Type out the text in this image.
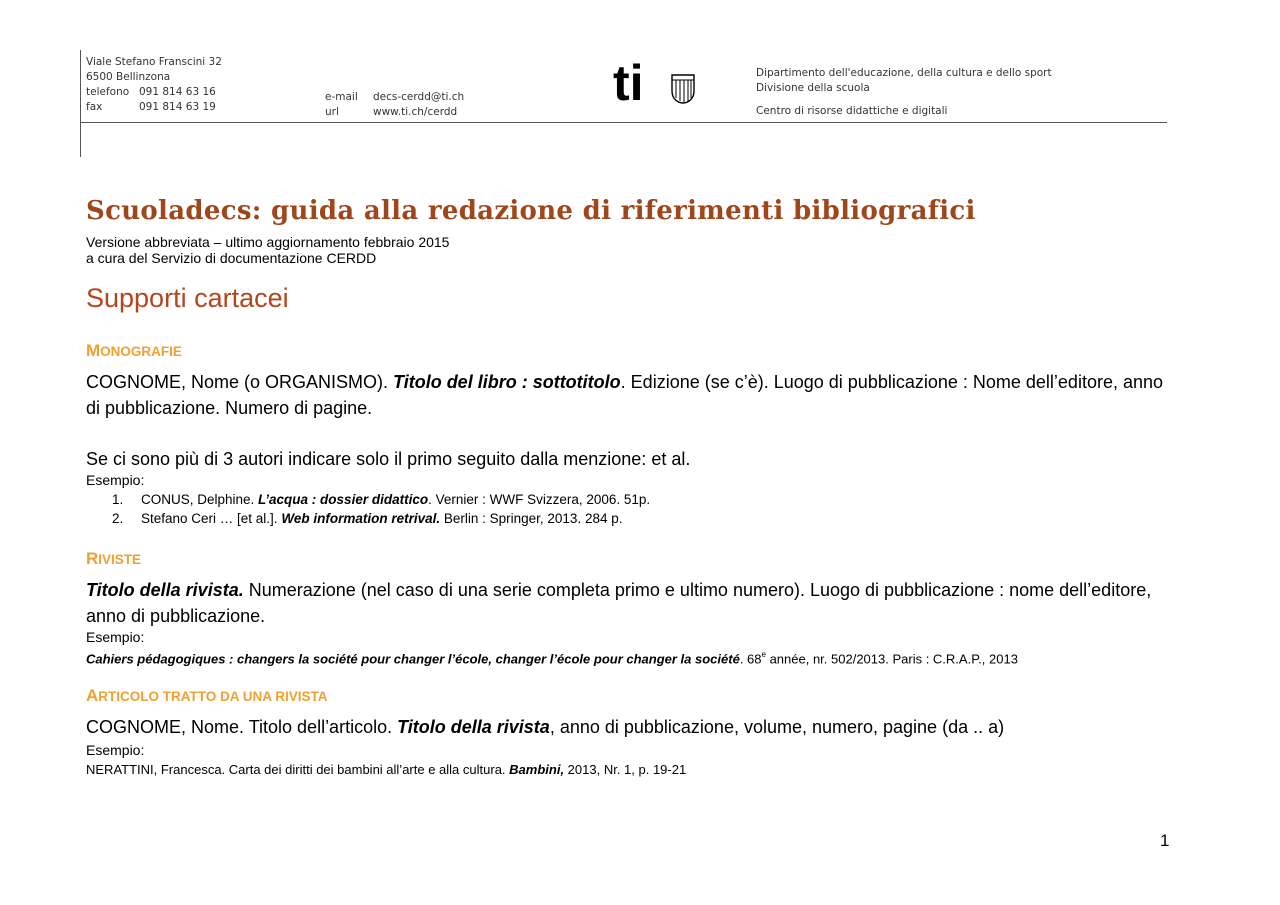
Viale Stefano Franscini 32
6500 Bellinzona
telefono 091 814 63 16
fax	091 814 63 19
e-mail	decs-cerdd@ti.ch
url	www.ti.ch/cerdd
ti	Dipartimento dell'educazione, della cultura e dello sport
Divisione della scuola
Centro di risorse didattiche e digitali
Scuoladecs: guida alla redazione di riferimenti bibliografici
Versione abbreviata – ultimo aggiornamento febbraio 2015
a cura del Servizio di documentazione CERDD
Supporti cartacei
MONOGRAFIE
COGNOME, Nome (o ORGANISMO). Titolo del libro : sottotitolo. Edizione (se c’è). Luogo di pubblicazione : Nome dell’editore, anno di pubblicazione. Numero di pagine.
Se ci sono più di 3 autori indicare solo il primo seguito dalla menzione: et al.
Esempio:
1.	CONUS, Delphine. L’acqua : dossier didattico. Vernier : WWF Svizzera, 2006. 51p.
2.	Stefano Ceri … [et al.]. Web information retrival. Berlin : Springer, 2013. 284 p.
RIVISTE
Titolo della rivista. Numerazione (nel caso di una serie completa primo e ultimo numero). Luogo di pubblicazione : nome dell’editore, anno di pubblicazione.
Esempio:
Cahiers pédagogiques : changers la société pour changer l’école, changer l’école pour changer la société. 68e année, nr. 502/2013. Paris : C.R.A.P., 2013
ARTICOLO TRATTO DA UNA RIVISTA
COGNOME, Nome. Titolo dell’articolo. Titolo della rivista, anno di pubblicazione, volume, numero, pagine (da .. a)
Esempio:
NERATTINI, Francesca. Carta dei diritti dei bambini all’arte e alla cultura. Bambini, 2013, Nr. 1, p. 19-21
1
